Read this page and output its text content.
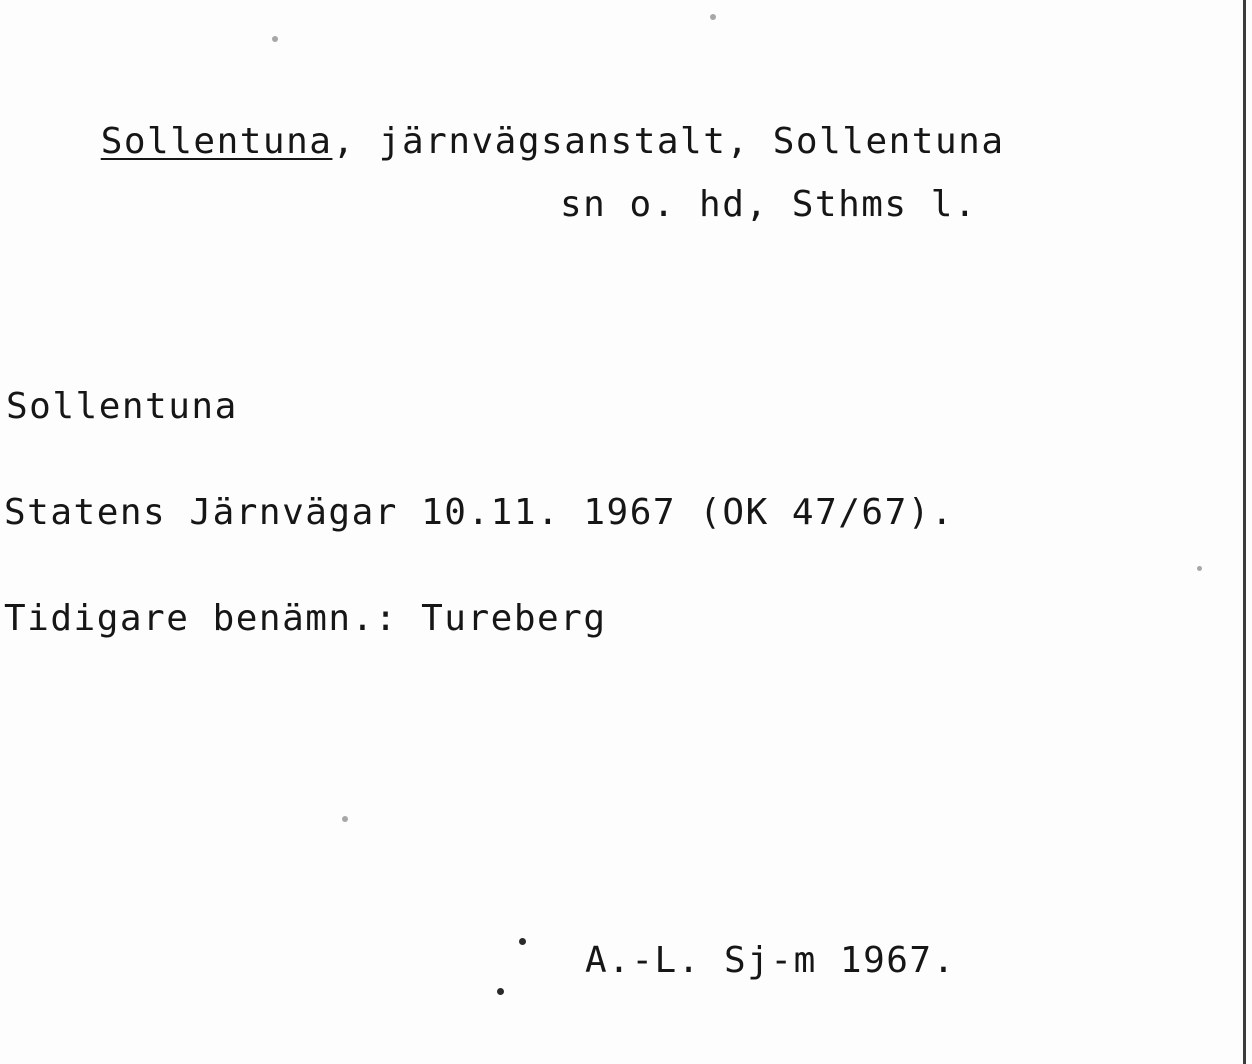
Sollentuna, järnvägsanstalt, Sollentuna

sn o. hd, Sthms l.
Sollentuna
Statens Järnvägar 10.11. 1967 (OK 47/67).
Tidigare benämn.: Tureberg
A.-L. Sj-m 1967.
